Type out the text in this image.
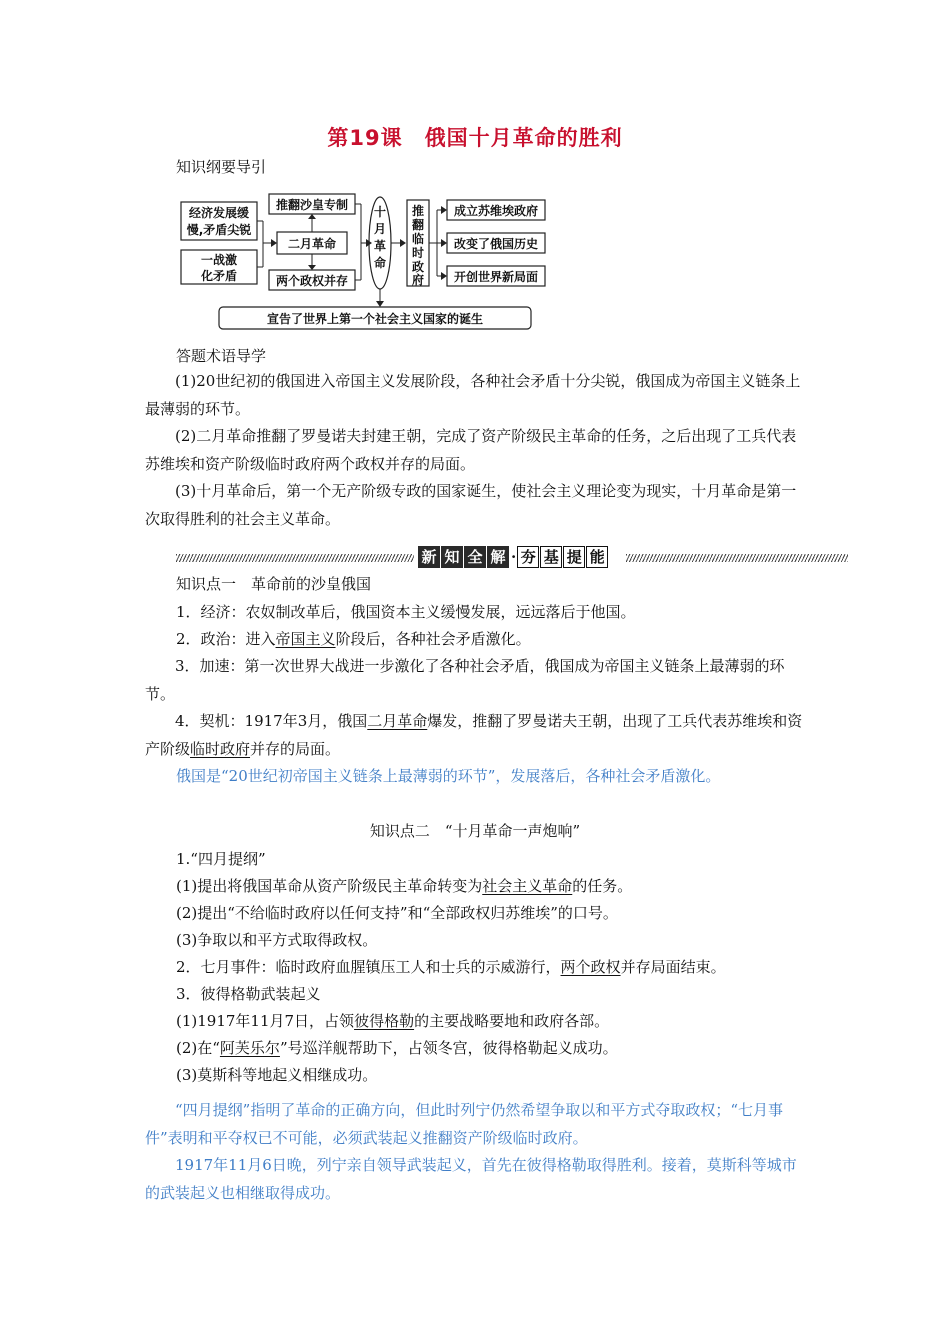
第19课　俄国十月革命的胜利
知识纲要导引
经济发展缓
慢,矛盾尖锐
一战激
化矛盾
推翻沙皇专制
二月革命
两个政权并存
十
月
革
命
推
翻
临
时
政
府
成立苏维埃政府
改变了俄国历史
开创世界新局面
宣告了世界上第一个社会主义国家的诞生
答题术语导学
(1)20世纪初的俄国进入帝国主义发展阶段，各种社会矛盾十分尖锐，俄国成为帝国主义链条上最薄弱的环节。
(2)二月革命推翻了罗曼诺夫封建王朝，完成了资产阶级民主革命的任务，之后出现了工兵代表苏维埃和资产阶级临时政府两个政权并存的局面。
(3)十月革命后，第一个无产阶级专政的国家诞生，使社会主义理论变为现实，十月革命是第一次取得胜利的社会主义革命。
新 知 全 解 · 夯 基 提 能
知识点一　革命前的沙皇俄国
1．经济：农奴制改革后，俄国资本主义缓慢发展，远远落后于他国。
2．政治：进入帝国主义阶段后，各种社会矛盾激化。
3．加速：第一次世界大战进一步激化了各种社会矛盾，俄国成为帝国主义链条上最薄弱的环节。
4．契机：1917年3月，俄国二月革命爆发，推翻了罗曼诺夫王朝，出现了工兵代表苏维埃和资产阶级临时政府并存的局面。
俄国是“20世纪初帝国主义链条上最薄弱的环节”，发展落后，各种社会矛盾激化。
知识点二　“十月革命一声炮响”
1.“四月提纲”
(1)提出将俄国革命从资产阶级民主革命转变为社会主义革命的任务。
(2)提出“不给临时政府以任何支持”和“全部政权归苏维埃”的口号。
(3)争取以和平方式取得政权。
2．七月事件：临时政府血腥镇压工人和士兵的示威游行，两个政权并存局面结束。
3．彼得格勒武装起义
(1)1917年11月7日，占领彼得格勒的主要战略要地和政府各部。
(2)在“阿芙乐尔”号巡洋舰帮助下，占领冬宫，彼得格勒起义成功。
(3)莫斯科等地起义相继成功。
“四月提纲”指明了革命的正确方向，但此时列宁仍然希望争取以和平方式夺取政权；“七月事件”表明和平夺权已不可能，必须武装起义推翻资产阶级临时政府。
1917年11月6日晚，列宁亲自领导武装起义，首先在彼得格勒取得胜利。接着，莫斯科等城市的武装起义也相继取得成功。
